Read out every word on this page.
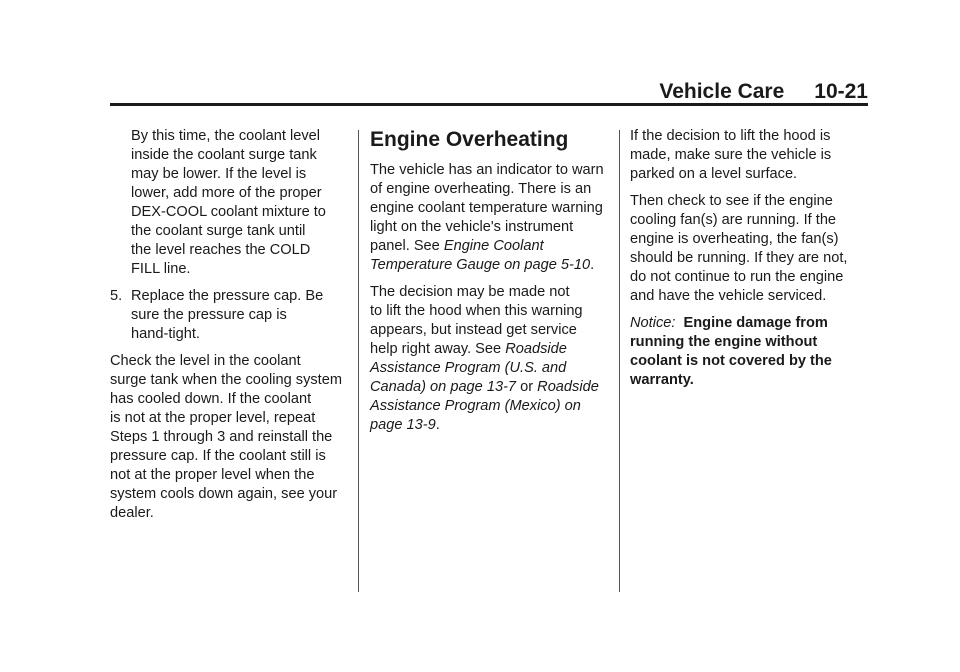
Vehicle Care 10-21

By this time, the coolant level
inside the coolant surge tank
may be lower. If the level is
lower, add more of the proper
DEX-COOL coolant mixture to
the coolant surge tank until
the level reaches the COLD
FILL line.

5. Replace the pressure cap. Be
sure the pressure cap is
hand-tight.

Check the level in the coolant
surge tank when the cooling system
has cooled down. If the coolant
is not at the proper level, repeat
Steps 1 through 3 and reinstall the
pressure cap. If the coolant still is
not at the proper level when the
system cools down again, see your
dealer.

Engine Overheating

The vehicle has an indicator to warn
of engine overheating. There is an
engine coolant temperature warning
light on the vehicle's instrument
panel. See Engine Coolant
Temperature Gauge on page 5-10.

The decision may be made not
to lift the hood when this warning
appears, but instead get service
help right away. See Roadside
Assistance Program (U.S. and
Canada) on page 13-7 or Roadside
Assistance Program (Mexico) on
page 13-9.

If the decision to lift the hood is
made, make sure the vehicle is
parked on a level surface.

Then check to see if the engine
cooling fan(s) are running. If the
engine is overheating, the fan(s)
should be running. If they are not,
do not continue to run the engine
and have the vehicle serviced.

Notice: Engine damage from
running the engine without
coolant is not covered by the
warranty.
